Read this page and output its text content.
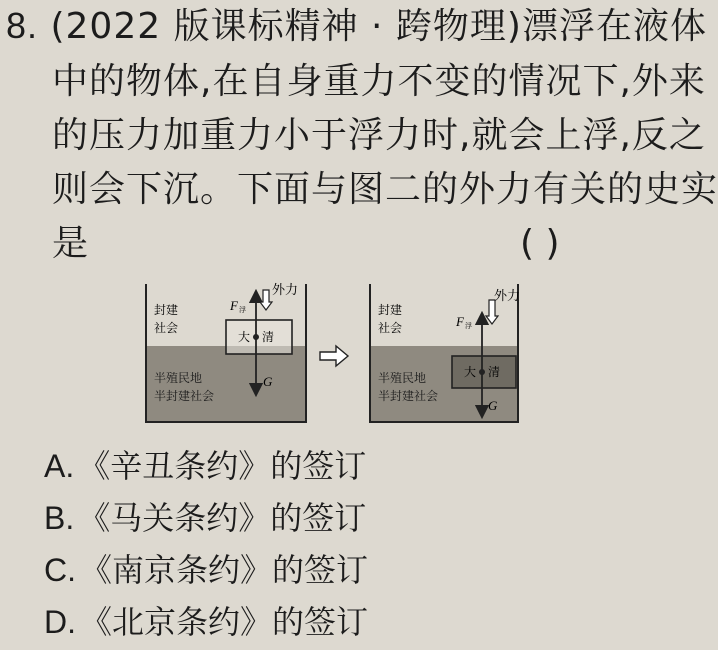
8. (2022 版课标精神 · 跨物理)漂浮在液体
中的物体,在自身重力不变的情况下,外来
的压力加重力小于浮力时,就会上浮,反之
则会下沉。下面与图二的外力有关的史实
是	( )
外力
F 浮
G
大 清
封建
社会
半殖民地
半封建社会
外力
F 浮
G
大 清
封建
社会
半殖民地
半封建社会
A. 《辛丑条约》的签订
B. 《马关条约》的签订
C. 《南京条约》的签订
D. 《北京条约》的签订
